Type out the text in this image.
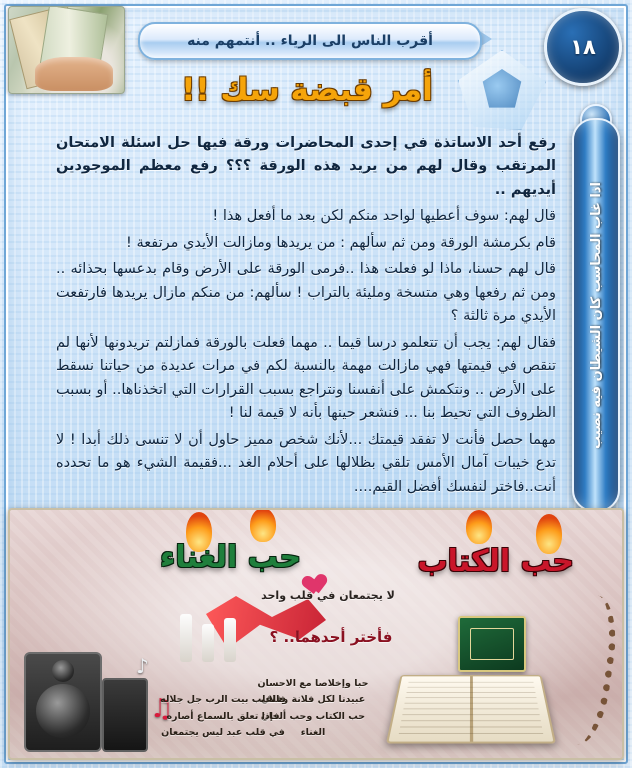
١٨
أقرب الناس الى الرياء .. أنتمهم منه
أمر قبضة سك !!
اذا غاب المحاسب كان الشيطان فيه نصيب

رفع أحد الاساتذة في إحدى المحاضرات ورقة فيها حل اسئلة الامتحان المرتقب وقال لهم من يريد هذه الورقة ؟؟؟ رفع معظم الموجودين أيديهم ..

قال لهم: سوف أعطيها لواحد منكم لكن بعد ما أفعل هذا !

قام بكرمشة الورقة ومن ثم سألهم : من يريدها ومازالت الأيدي مرتفعة !

قال لهم حسنا، ماذا لو فعلت هذا ..فرمى الورقة على الأرض وقام بدعسها بحذائه .. ومن ثم رفعها وهي متسخة ومليئة بالتراب ! سألهم: من منكم مازال يريدها فارتفعت الأيدي مرة ثالثة ؟

فقال لهم: يجب أن تتعلمو درسا قيما .. مهما فعلت بالورقة فمازلتم تريدونها لأنها لم تنقص في قيمتها فهي مازالت مهمة بالنسبة لكم في مرات عديدة من حياتنا نسقط على الأرض .. ونتكمش على أنفسنا ونتراجع بسبب القرارات التي اتخذناها.. أو بسبب الظروف التي تحيط بنا ... فنشعر حينها بأنه لا قيمة لنا !

مهما حصل فأنت لا تفقد قيمتك ...لأنك شخص مميز حاول أن لا تنسى ذلك أبدا ! لا تدع خيبات آمال الأمس تلقي بظلالها على أحلام الغد ...فقيمة الشيء هو ما تحدده أنت..فاختر لنفسك أفضل القيم....

حب الكتاب
حب الغناء
لا يجتمعان في قلب واحد
فأختر أحدهما.. ؟
♫
♪
حبا وإخلاصا مع الاحسان عبيدنا لكل فلانة وفلان حب الكتاب وحب ألحان الغناء
فالقلب بيت الرب جل جلاله فإذا تعلق بالسماع أصاره في قلب عبد ليس يجتمعان
